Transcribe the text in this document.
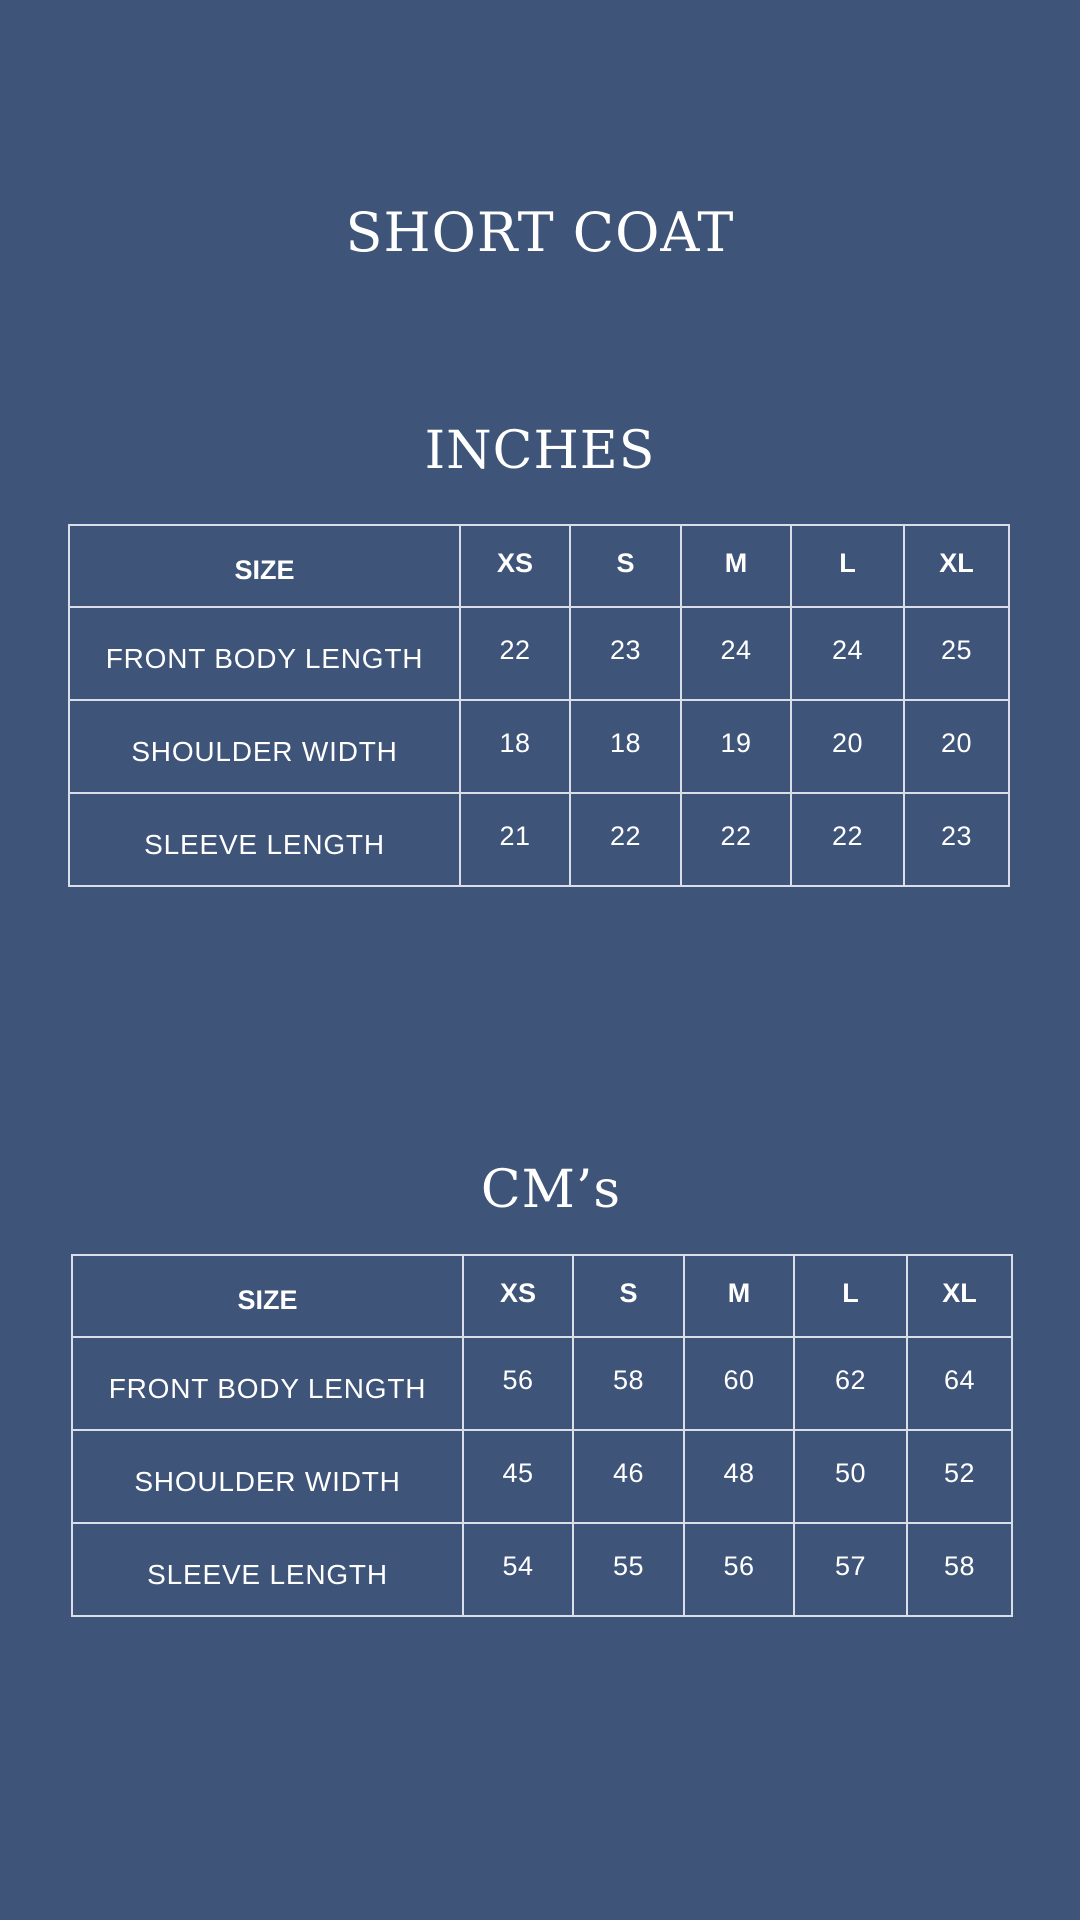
SHORT COAT
INCHES
SIZE	XS	S	M	L	XL
FRONT BODY LENGTH	22	23	24	24	25
SHOULDER WIDTH	18	18	19	20	20
SLEEVE LENGTH	21	22	22	22	23
CM’s
SIZE	XS	S	M	L	XL
FRONT BODY LENGTH	56	58	60	62	64
SHOULDER WIDTH	45	46	48	50	52
SLEEVE LENGTH	54	55	56	57	58
